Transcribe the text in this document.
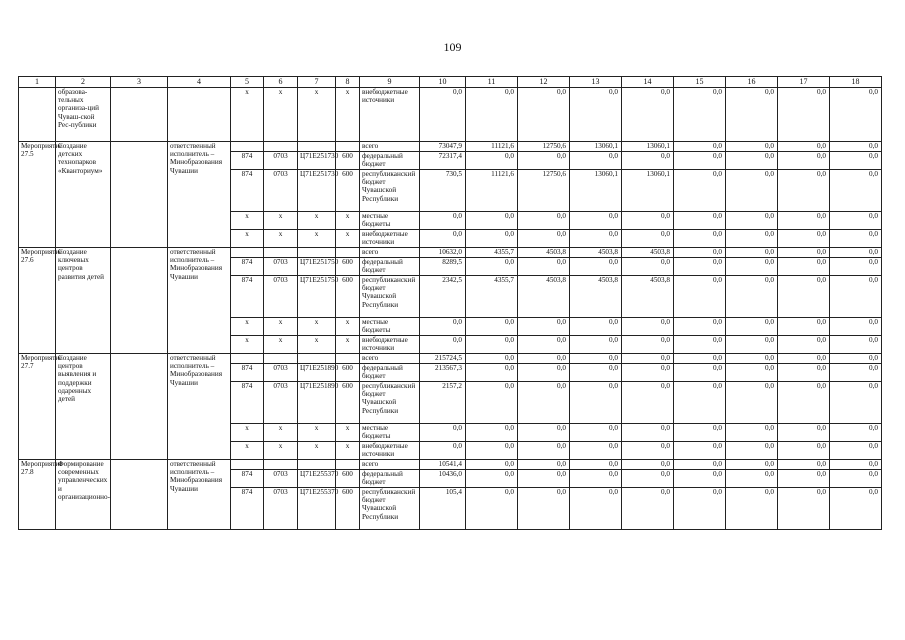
109
1	2	3	4	5	6	7	8	9	10	11	12	13	14	15	16	17	18
	образова-тельных организа-ций Чуваш-ской Рес-публики			x	x	x	x	внебюджетные источники	0,0	0,0	0,0	0,0	0,0	0,0	0,0	0,0	0,0
Мероприятие 27.5	Создание детских технопарков «Кванториум»		ответственный исполнитель – Минобразования Чувашии					всего	73047,9	11121,6	12750,6	13060,1	13060,1	0,0	0,0	0,0	0,0
				874	0703	Ц71Е251730	600	федеральный бюджет	72317,4	0,0	0,0	0,0	0,0	0,0	0,0	0,0	0,0
				874	0703	Ц71Е251730	600	республиканский бюджет Чувашской Республики	730,5	11121,6	12750,6	13060,1	13060,1	0,0	0,0	0,0	0,0
				x	x	x	x	местные бюджеты	0,0	0,0	0,0	0,0	0,0	0,0	0,0	0,0	0,0
				x	x	x	x	внебюджетные источники	0,0	0,0	0,0	0,0	0,0	0,0	0,0	0,0	0,0
Мероприятие 27.6	Создание ключевых центров развития детей		ответственный исполнитель – Минобразования Чувашии					всего	10632,0	4355,7	4503,8	4503,8	4503,8	0,0	0,0	0,0	0,0
				874	0703	Ц71Е251750	600	федеральный бюджет	8289,5	0,0	0,0	0,0	0,0	0,0	0,0	0,0	0,0
				874	0703	Ц71Е251750	600	республиканский бюджет Чувашской Республики	2342,5	4355,7	4503,8	4503,8	4503,8	0,0	0,0	0,0	0,0
				x	x	x	x	местные бюджеты	0,0	0,0	0,0	0,0	0,0	0,0	0,0	0,0	0,0
				x	x	x	x	внебюджетные источники	0,0	0,0	0,0	0,0	0,0	0,0	0,0	0,0	0,0
Мероприятие 27.7	Создание центров выявления и поддержки одаренных детей		ответственный исполнитель – Минобразования Чувашии					всего	215724,5	0,0	0,0	0,0	0,0	0,0	0,0	0,0	0,0
				874	0703	Ц71Е251890	600	федеральный бюджет	213567,3	0,0	0,0	0,0	0,0	0,0	0,0	0,0	0,0
				874	0703	Ц71Е251890	600	республиканский бюджет Чувашской Республики	2157,2	0,0	0,0	0,0	0,0	0,0	0,0	0,0	0,0
				x	x	x	x	местные бюджеты	0,0	0,0	0,0	0,0	0,0	0,0	0,0	0,0	0,0
				x	x	x	x	внебюджетные источники	0,0	0,0	0,0	0,0	0,0	0,0	0,0	0,0	0,0
Мероприятие 27.8	Формирование современных управленческих и организационно-		ответственный исполнитель – Минобразования Чувашии					всего	10541,4	0,0	0,0	0,0	0,0	0,0	0,0	0,0	0,0
				874	0703	Ц71Е255370	600	федеральный бюджет	10436,0	0,0	0,0	0,0	0,0	0,0	0,0	0,0	0,0
				874	0703	Ц71Е255370	600	республиканский бюджет Чувашской Республики	105,4	0,0	0,0	0,0	0,0	0,0	0,0	0,0	0,0
